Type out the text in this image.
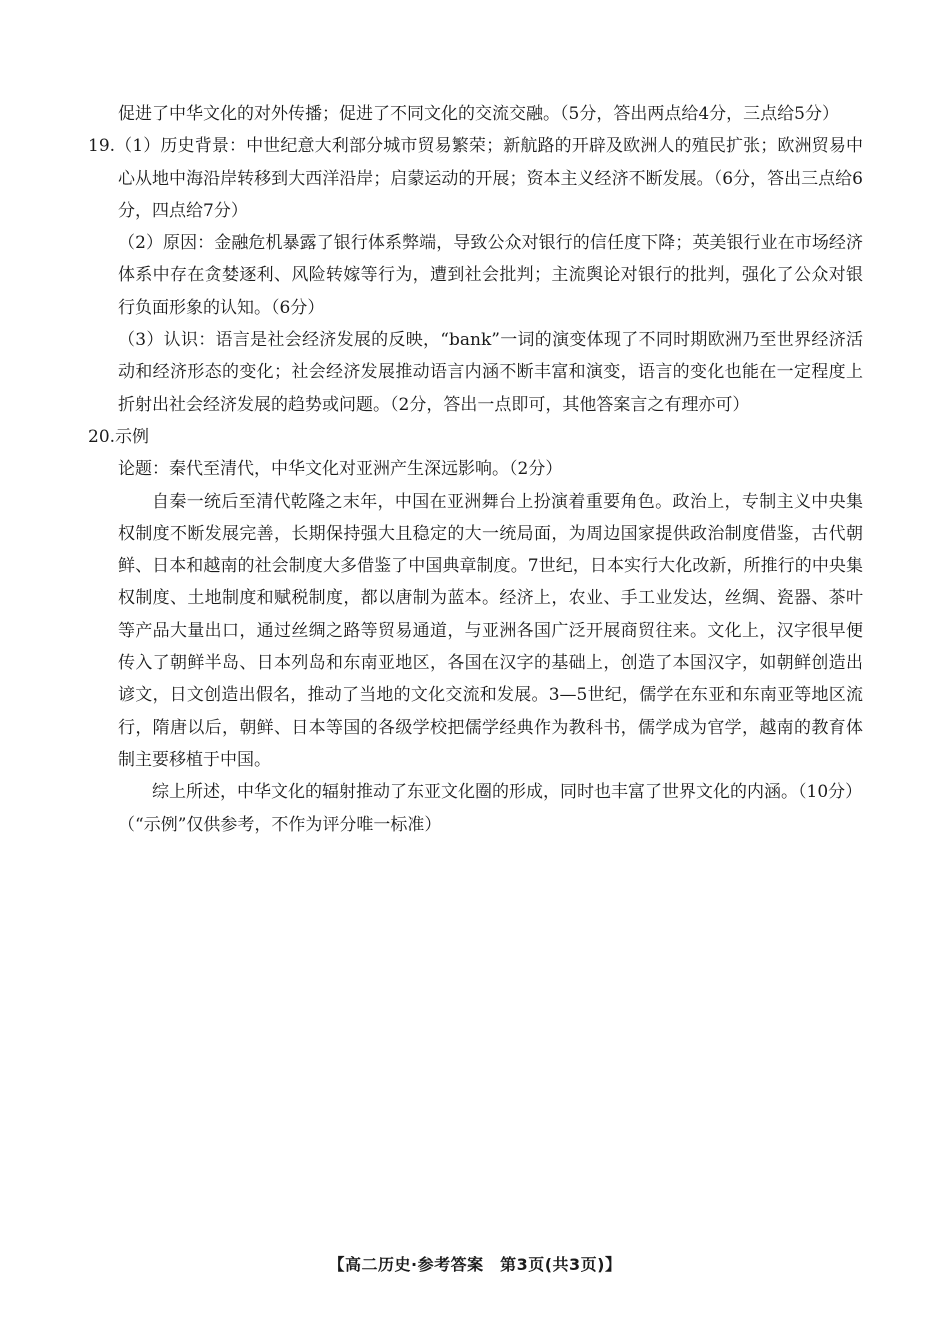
促进了中华文化的对外传播；促进了不同文化的交流交融。（5分，答出两点给4分，三点给5分）

19.（1）历史背景：中世纪意大利部分城市贸易繁荣；新航路的开辟及欧洲人的殖民扩张；欧洲贸易中心从地中海沿岸转移到大西洋沿岸；启蒙运动的开展；资本主义经济不断发展。（6分，答出三点给6分，四点给7分）

（2）原因：金融危机暴露了银行体系弊端，导致公众对银行的信任度下降；英美银行业在市场经济体系中存在贪婪逐利、风险转嫁等行为，遭到社会批判；主流舆论对银行的批判，强化了公众对银行负面形象的认知。（6分）

（3）认识：语言是社会经济发展的反映，“bank”一词的演变体现了不同时期欧洲乃至世界经济活动和经济形态的变化；社会经济发展推动语言内涵不断丰富和演变，语言的变化也能在一定程度上折射出社会经济发展的趋势或问题。（2分，答出一点即可，其他答案言之有理亦可）

20.示例

论题：秦代至清代，中华文化对亚洲产生深远影响。（2分）

自秦一统后至清代乾隆之末年，中国在亚洲舞台上扮演着重要角色。政治上，专制主义中央集权制度不断发展完善，长期保持强大且稳定的大一统局面，为周边国家提供政治制度借鉴，古代朝鲜、日本和越南的社会制度大多借鉴了中国典章制度。7世纪，日本实行大化改新，所推行的中央集权制度、土地制度和赋税制度，都以唐制为蓝本。经济上，农业、手工业发达，丝绸、瓷器、茶叶等产品大量出口，通过丝绸之路等贸易通道，与亚洲各国广泛开展商贸往来。文化上，汉字很早便传入了朝鲜半岛、日本列岛和东南亚地区，各国在汉字的基础上，创造了本国汉字，如朝鲜创造出谚文，日文创造出假名，推动了当地的文化交流和发展。3—5世纪，儒学在东亚和东南亚等地区流行，隋唐以后，朝鲜、日本等国的各级学校把儒学经典作为教科书，儒学成为官学，越南的教育体制主要移植于中国。

综上所述，中华文化的辐射推动了东亚文化圈的形成，同时也丰富了世界文化的内涵。（10分）

（“示例”仅供参考，不作为评分唯一标准）

【高二历史·参考答案　第3页(共3页)】
